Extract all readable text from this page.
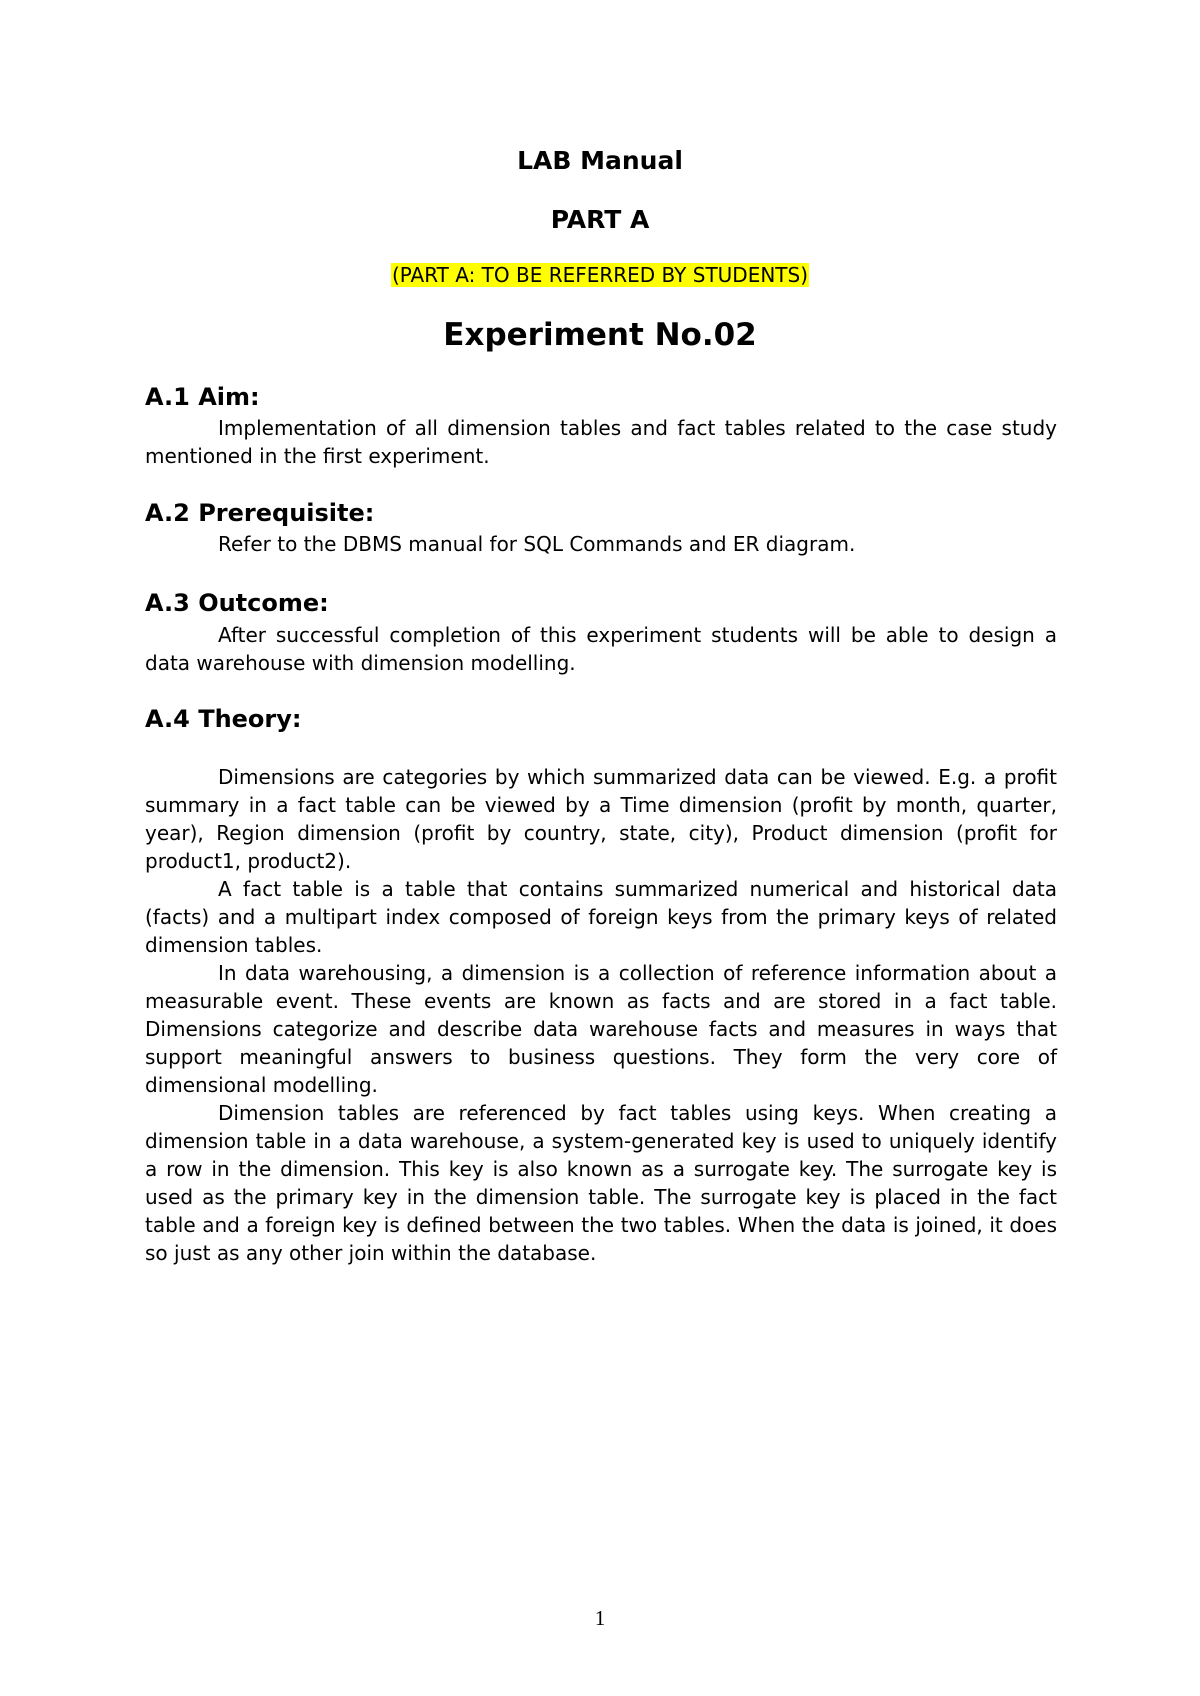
LAB Manual
PART A
(PART A: TO BE REFERRED BY STUDENTS)
Experiment No.02
A.1 Aim:

Implementation of all dimension tables and fact tables related to the case study mentioned in the first experiment.

A.2 Prerequisite:

Refer to the DBMS manual for SQL Commands and ER diagram.

A.3 Outcome:

After successful completion of this experiment students will be able to design a data warehouse with dimension modelling.

A.4 Theory:

Dimensions are categories by which summarized data can be viewed. E.g. a profit summary in a fact table can be viewed by a Time dimension (profit by month, quarter, year), Region dimension (profit by country, state, city), Product dimension (profit for product1, product2).

A fact table is a table that contains summarized numerical and historical data (facts) and a multipart index composed of foreign keys from the primary keys of related dimension tables.

In data warehousing, a dimension is a collection of reference information about a measurable event. These events are known as facts and are stored in a fact table. Dimensions categorize and describe data warehouse facts and measures in ways that support meaningful answers to business questions. They form the very core of dimensional modelling.

Dimension tables are referenced by fact tables using keys. When creating a dimension table in a data warehouse, a system-generated key is used to uniquely identify a row in the dimension. This key is also known as a surrogate key. The surrogate key is used as the primary key in the dimension table. The surrogate key is placed in the fact table and a foreign key is defined between the two tables. When the data is joined, it does so just as any other join within the database.

1
